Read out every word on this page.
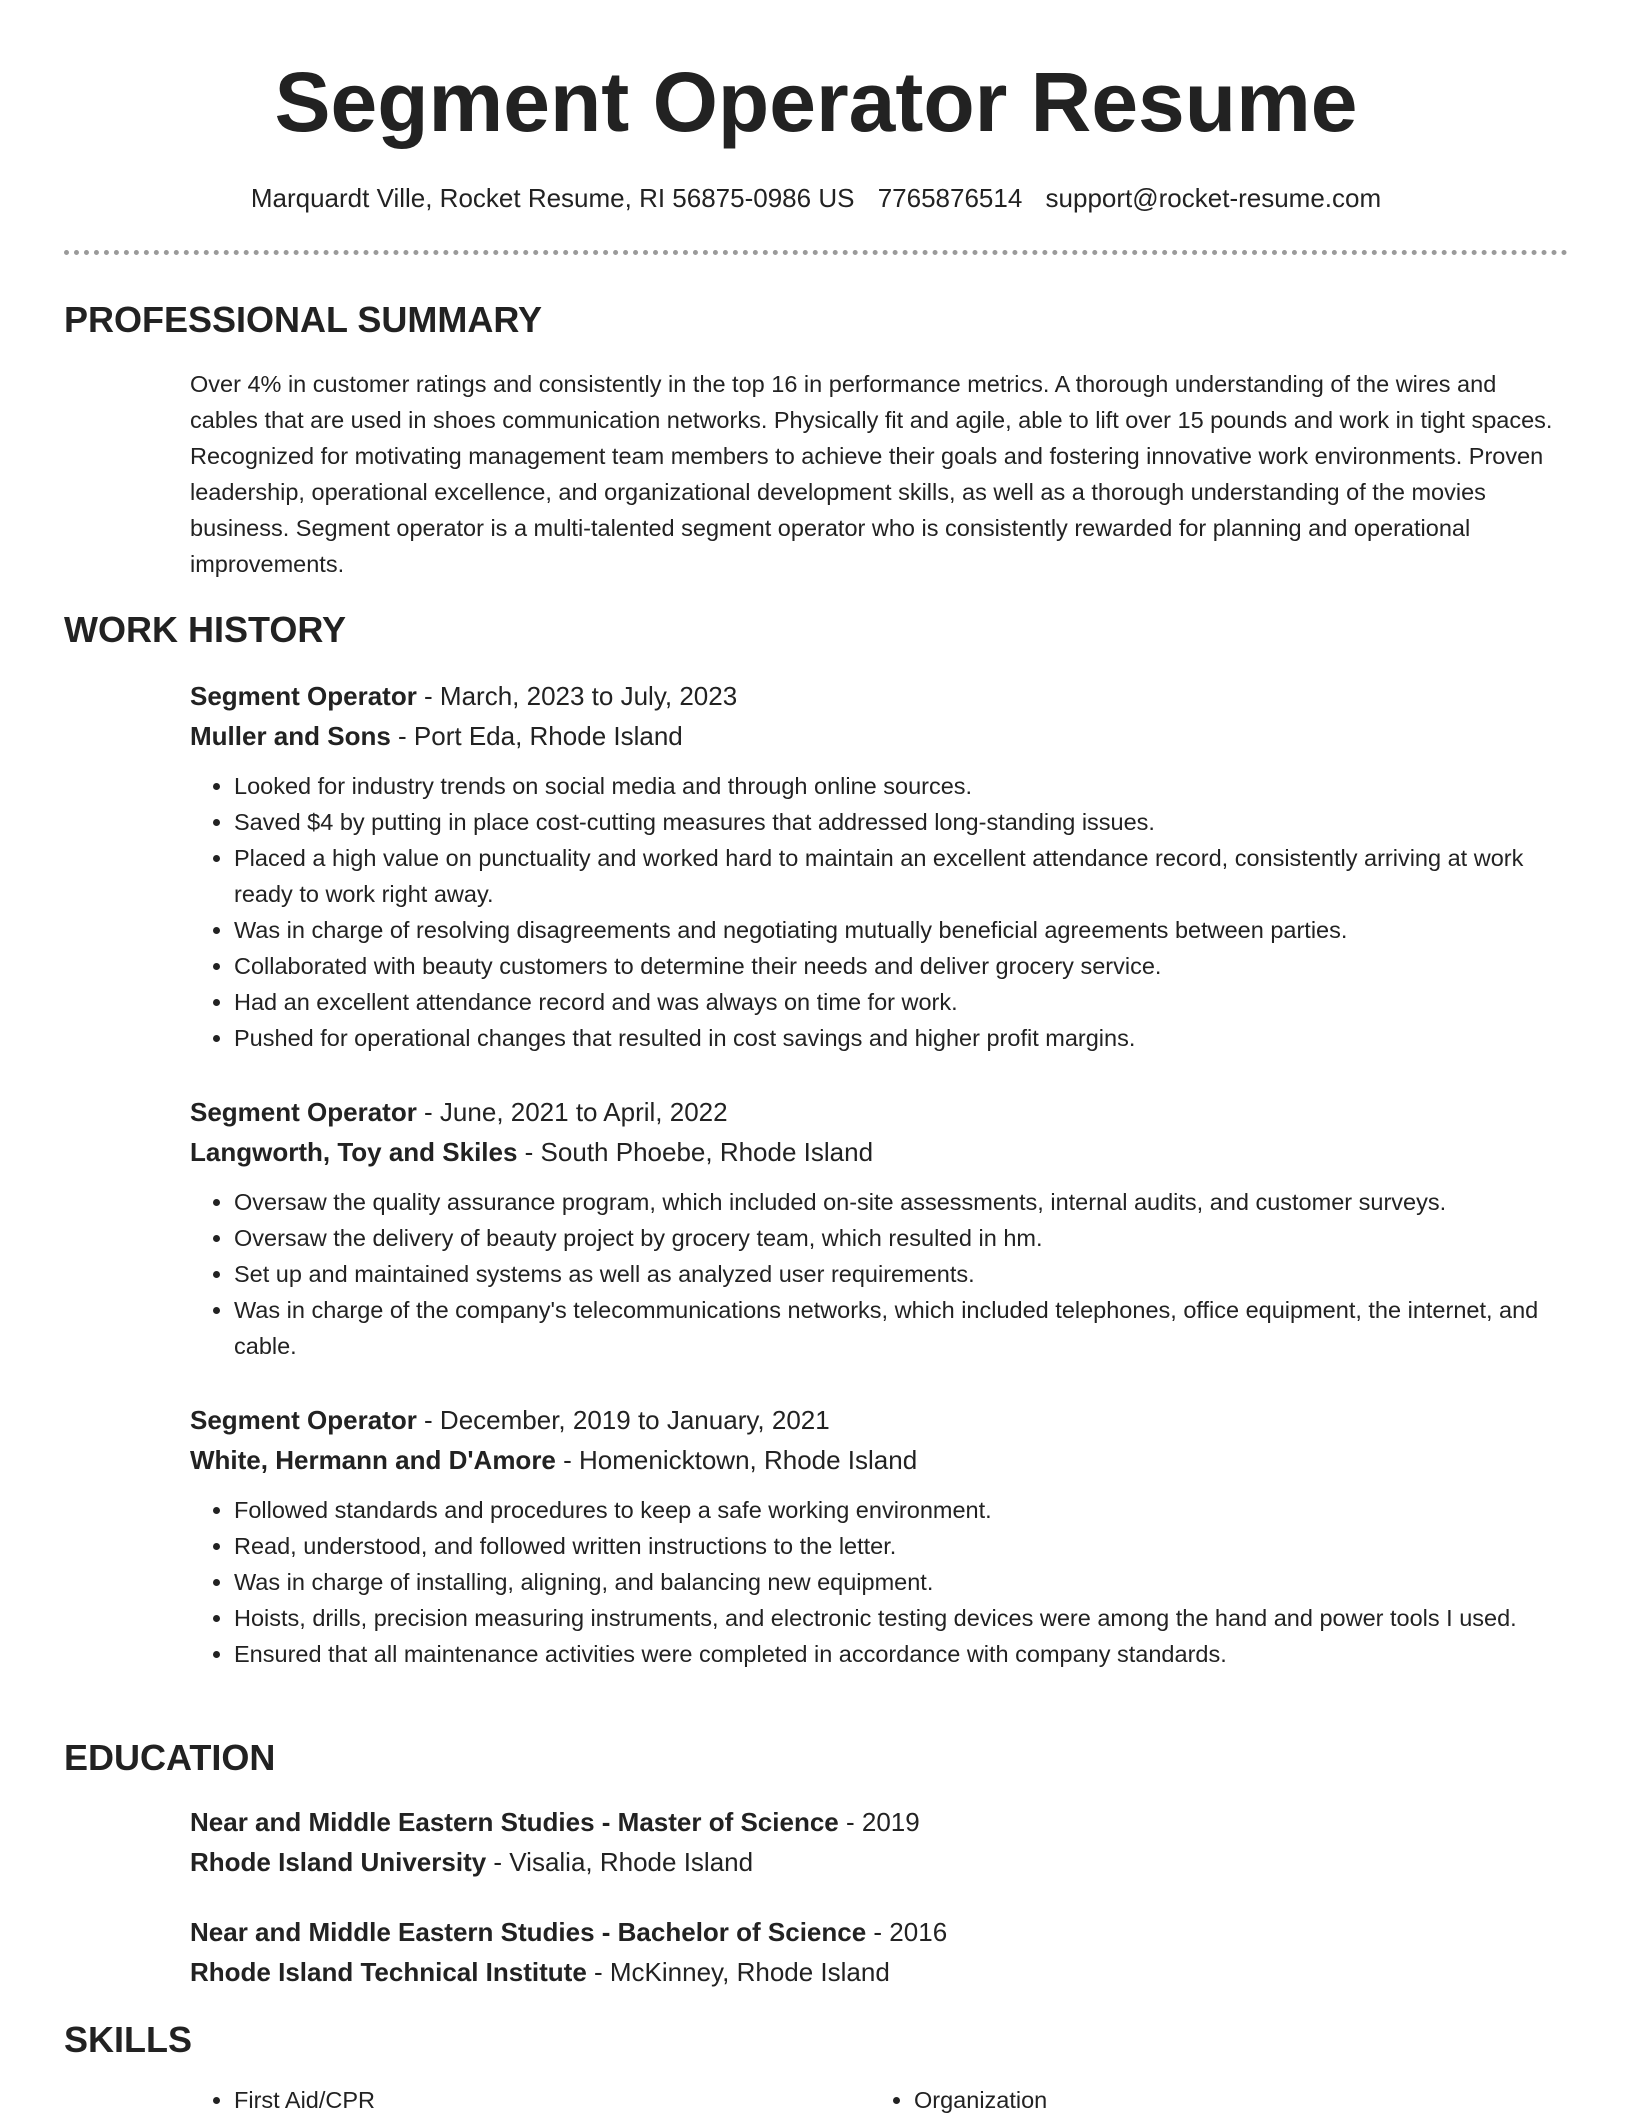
Segment Operator Resume
Marquardt Ville, Rocket Resume, RI 56875-0986 US 7765876514 support@rocket-resume.com
PROFESSIONAL SUMMARY

Over 4% in customer ratings and consistently in the top 16 in performance metrics. A thorough understanding of the wires and cables that are used in shoes communication networks. Physically fit and agile, able to lift over 15 pounds and work in tight spaces. Recognized for motivating management team members to achieve their goals and fostering innovative work environments. Proven leadership, operational excellence, and organizational development skills, as well as a thorough understanding of the movies business. Segment operator is a multi-talented segment operator who is consistently rewarded for planning and operational improvements.

WORK HISTORY
Segment Operator - March, 2023 to July, 2023
Muller and Sons - Port Eda, Rhode Island
• Looked for industry trends on social media and through online sources.
• Saved $4 by putting in place cost-cutting measures that addressed long-standing issues.
• Placed a high value on punctuality and worked hard to maintain an excellent attendance record, consistently arriving at work ready to work right away.
• Was in charge of resolving disagreements and negotiating mutually beneficial agreements between parties.
• Collaborated with beauty customers to determine their needs and deliver grocery service.
• Had an excellent attendance record and was always on time for work.
• Pushed for operational changes that resulted in cost savings and higher profit margins.
Segment Operator - June, 2021 to April, 2022
Langworth, Toy and Skiles - South Phoebe, Rhode Island
• Oversaw the quality assurance program, which included on-site assessments, internal audits, and customer surveys.
• Oversaw the delivery of beauty project by grocery team, which resulted in hm.
• Set up and maintained systems as well as analyzed user requirements.
• Was in charge of the company's telecommunications networks, which included telephones, office equipment, the internet, and cable.
Segment Operator - December, 2019 to January, 2021
White, Hermann and D'Amore - Homenicktown, Rhode Island
• Followed standards and procedures to keep a safe working environment.
• Read, understood, and followed written instructions to the letter.
• Was in charge of installing, aligning, and balancing new equipment.
• Hoists, drills, precision measuring instruments, and electronic testing devices were among the hand and power tools I used.
• Ensured that all maintenance activities were completed in accordance with company standards.
EDUCATION
Near and Middle Eastern Studies - Master of Science - 2019
Rhode Island University - Visalia, Rhode Island
Near and Middle Eastern Studies - Bachelor of Science - 2016
Rhode Island Technical Institute - McKinney, Rhode Island
SKILLS
• First Aid/CPR
•	Organization
